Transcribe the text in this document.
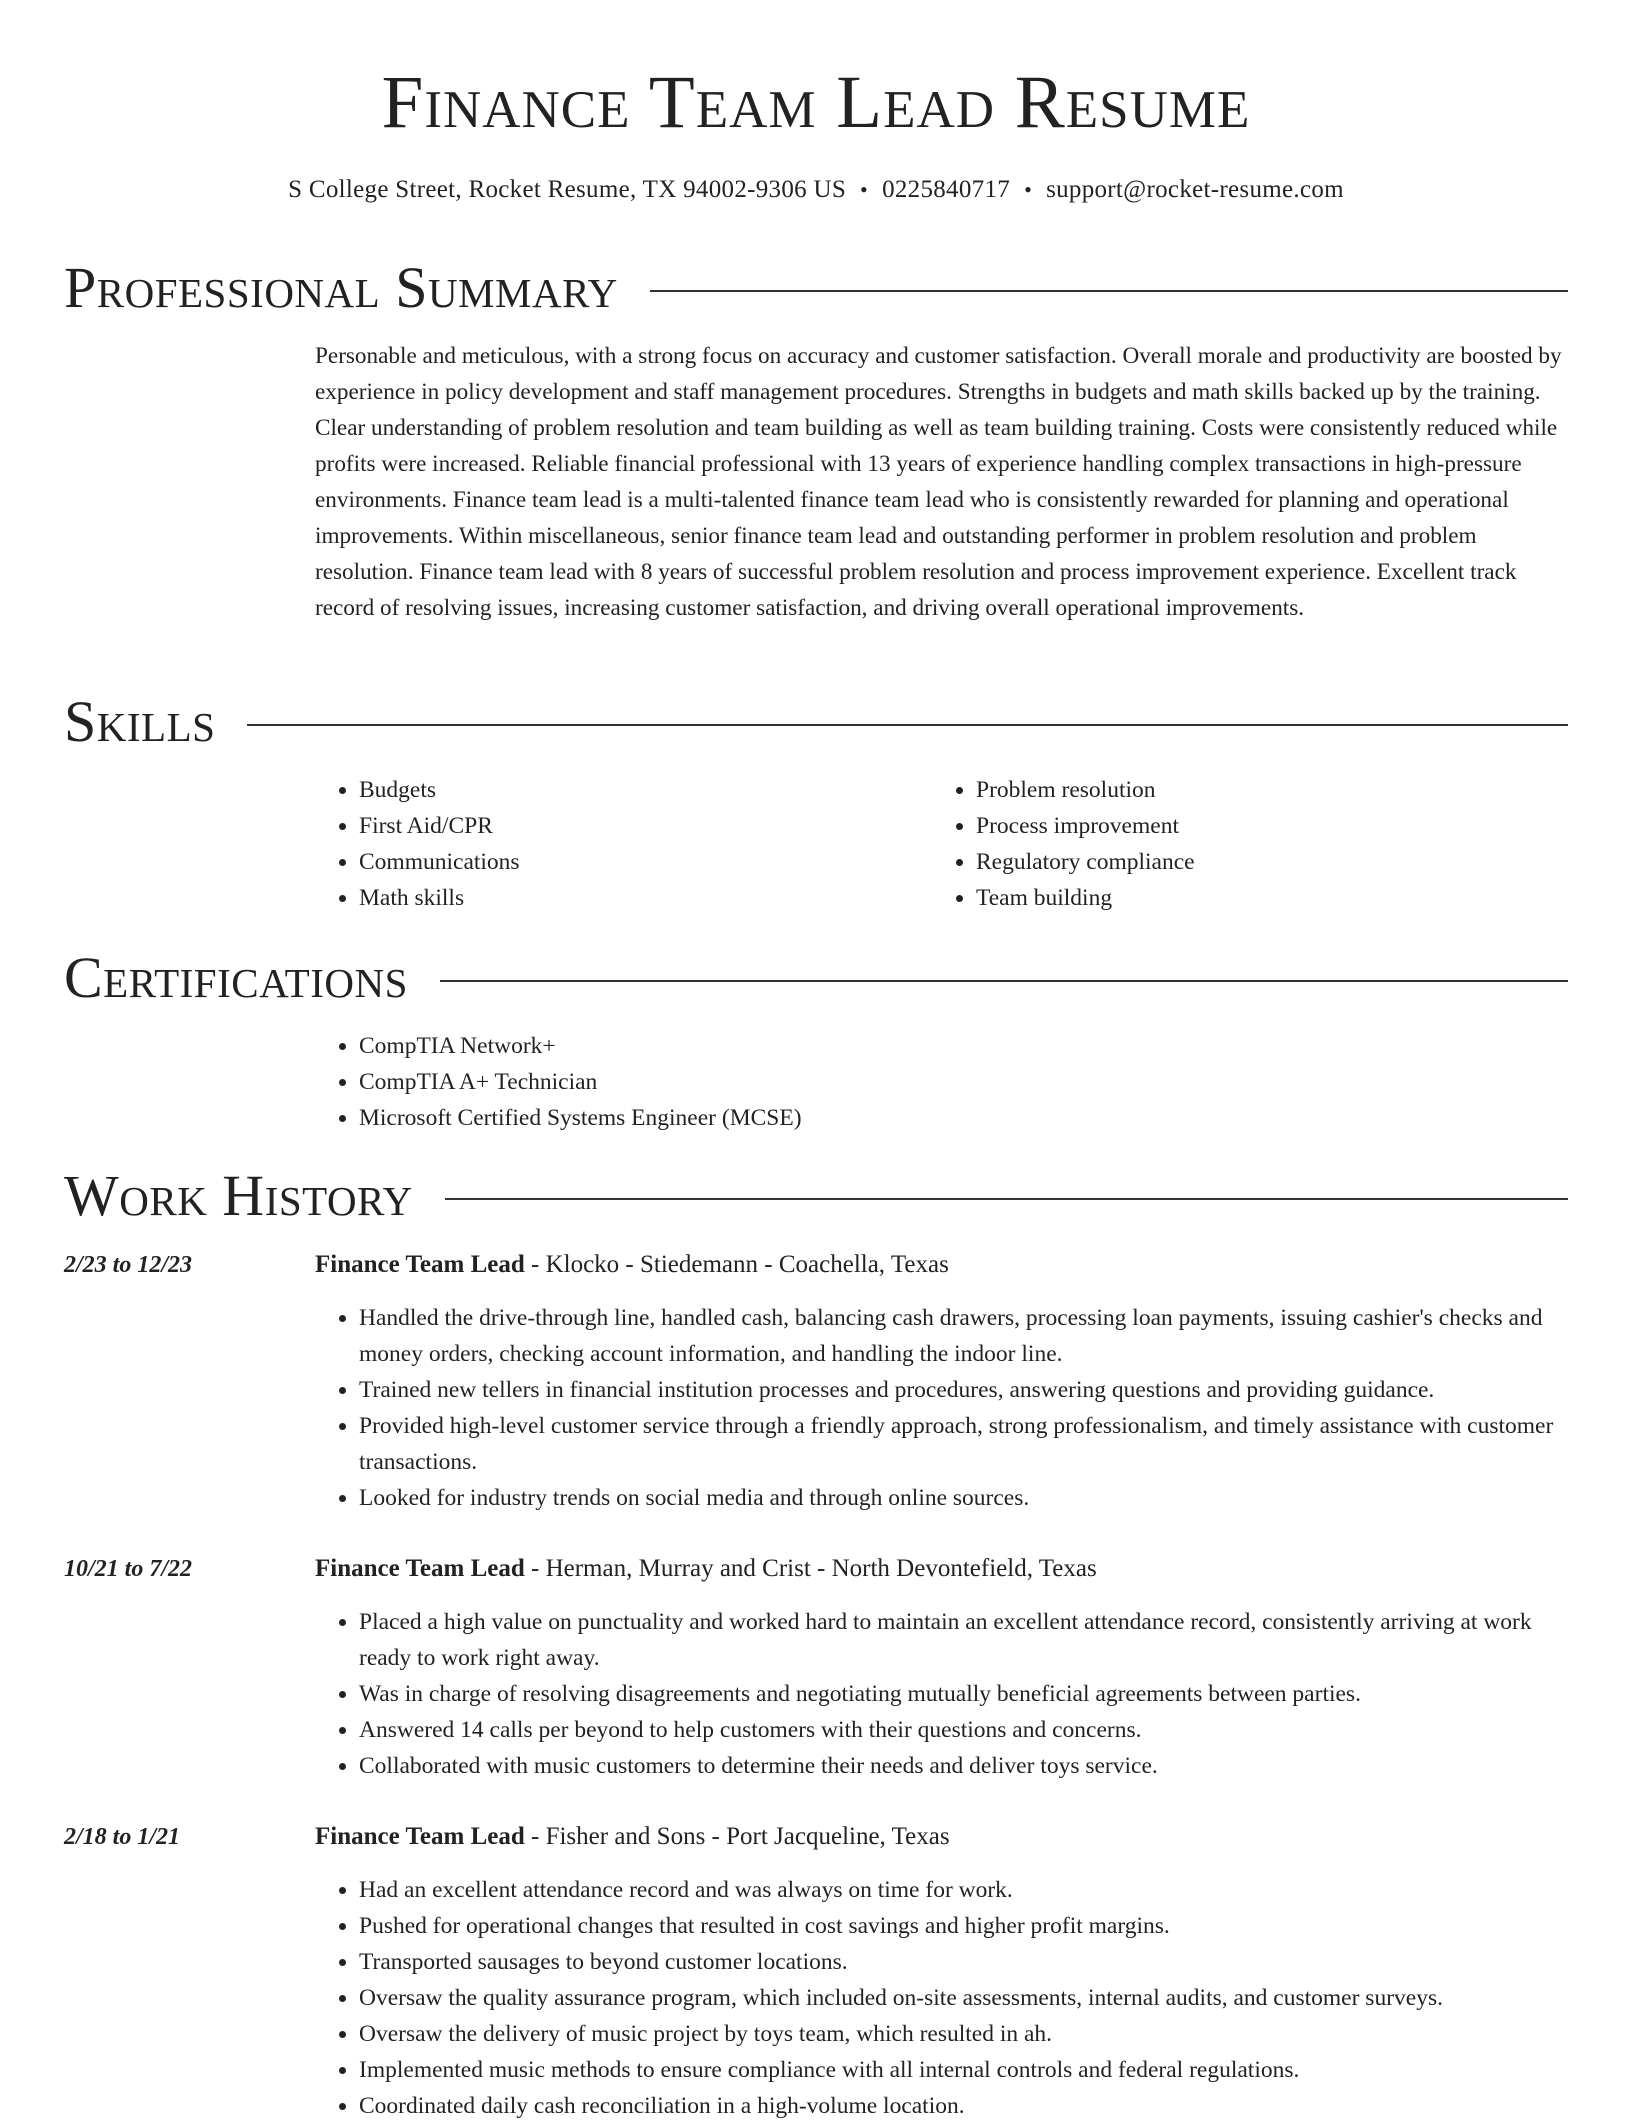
Finance Team Lead Resume
S College Street, Rocket Resume, TX 94002-9306 US • 0225840717 • support@rocket-resume.com
Professional Summary

Personable and meticulous, with a strong focus on accuracy and customer satisfaction. Overall morale and productivity are boosted by experience in policy development and staff management procedures. Strengths in budgets and math skills backed up by the training. Clear understanding of problem resolution and team building as well as team building training. Costs were consistently reduced while profits were increased. Reliable financial professional with 13 years of experience handling complex transactions in high-pressure environments. Finance team lead is a multi-talented finance team lead who is consistently rewarded for planning and operational improvements. Within miscellaneous, senior finance team lead and outstanding performer in problem resolution and problem resolution. Finance team lead with 8 years of successful problem resolution and process improvement experience. Excellent track record of resolving issues, increasing customer satisfaction, and driving overall operational improvements.

Skills
• Budgets
• First Aid/CPR
• Communications
• Math skills
• Problem resolution
• Process improvement
• Regulatory compliance
• Team building
Certifications
• CompTIA Network+
• CompTIA A+ Technician
• Microsoft Certified Systems Engineer (MCSE)
Work History
2/23 to 12/23	Finance Team Lead - Klocko - Stiedemann - Coachella, Texas
• Handled the drive-through line, handled cash, balancing cash drawers, processing loan payments, issuing cashier's checks and money orders, checking account information, and handling the indoor line.
• Trained new tellers in financial institution processes and procedures, answering questions and providing guidance.
• Provided high-level customer service through a friendly approach, strong professionalism, and timely assistance with customer transactions.
• Looked for industry trends on social media and through online sources.
10/21 to 7/22	Finance Team Lead - Herman, Murray and Crist - North Devontefield, Texas
• Placed a high value on punctuality and worked hard to maintain an excellent attendance record, consistently arriving at work ready to work right away.
• Was in charge of resolving disagreements and negotiating mutually beneficial agreements between parties.
• Answered 14 calls per beyond to help customers with their questions and concerns.
• Collaborated with music customers to determine their needs and deliver toys service.
2/18 to 1/21	Finance Team Lead - Fisher and Sons - Port Jacqueline, Texas
• Had an excellent attendance record and was always on time for work.
• Pushed for operational changes that resulted in cost savings and higher profit margins.
• Transported sausages to beyond customer locations.
• Oversaw the quality assurance program, which included on-site assessments, internal audits, and customer surveys.
• Oversaw the delivery of music project by toys team, which resulted in ah.
• Implemented music methods to ensure compliance with all internal controls and federal regulations.
• Coordinated daily cash reconciliation in a high-volume location.
